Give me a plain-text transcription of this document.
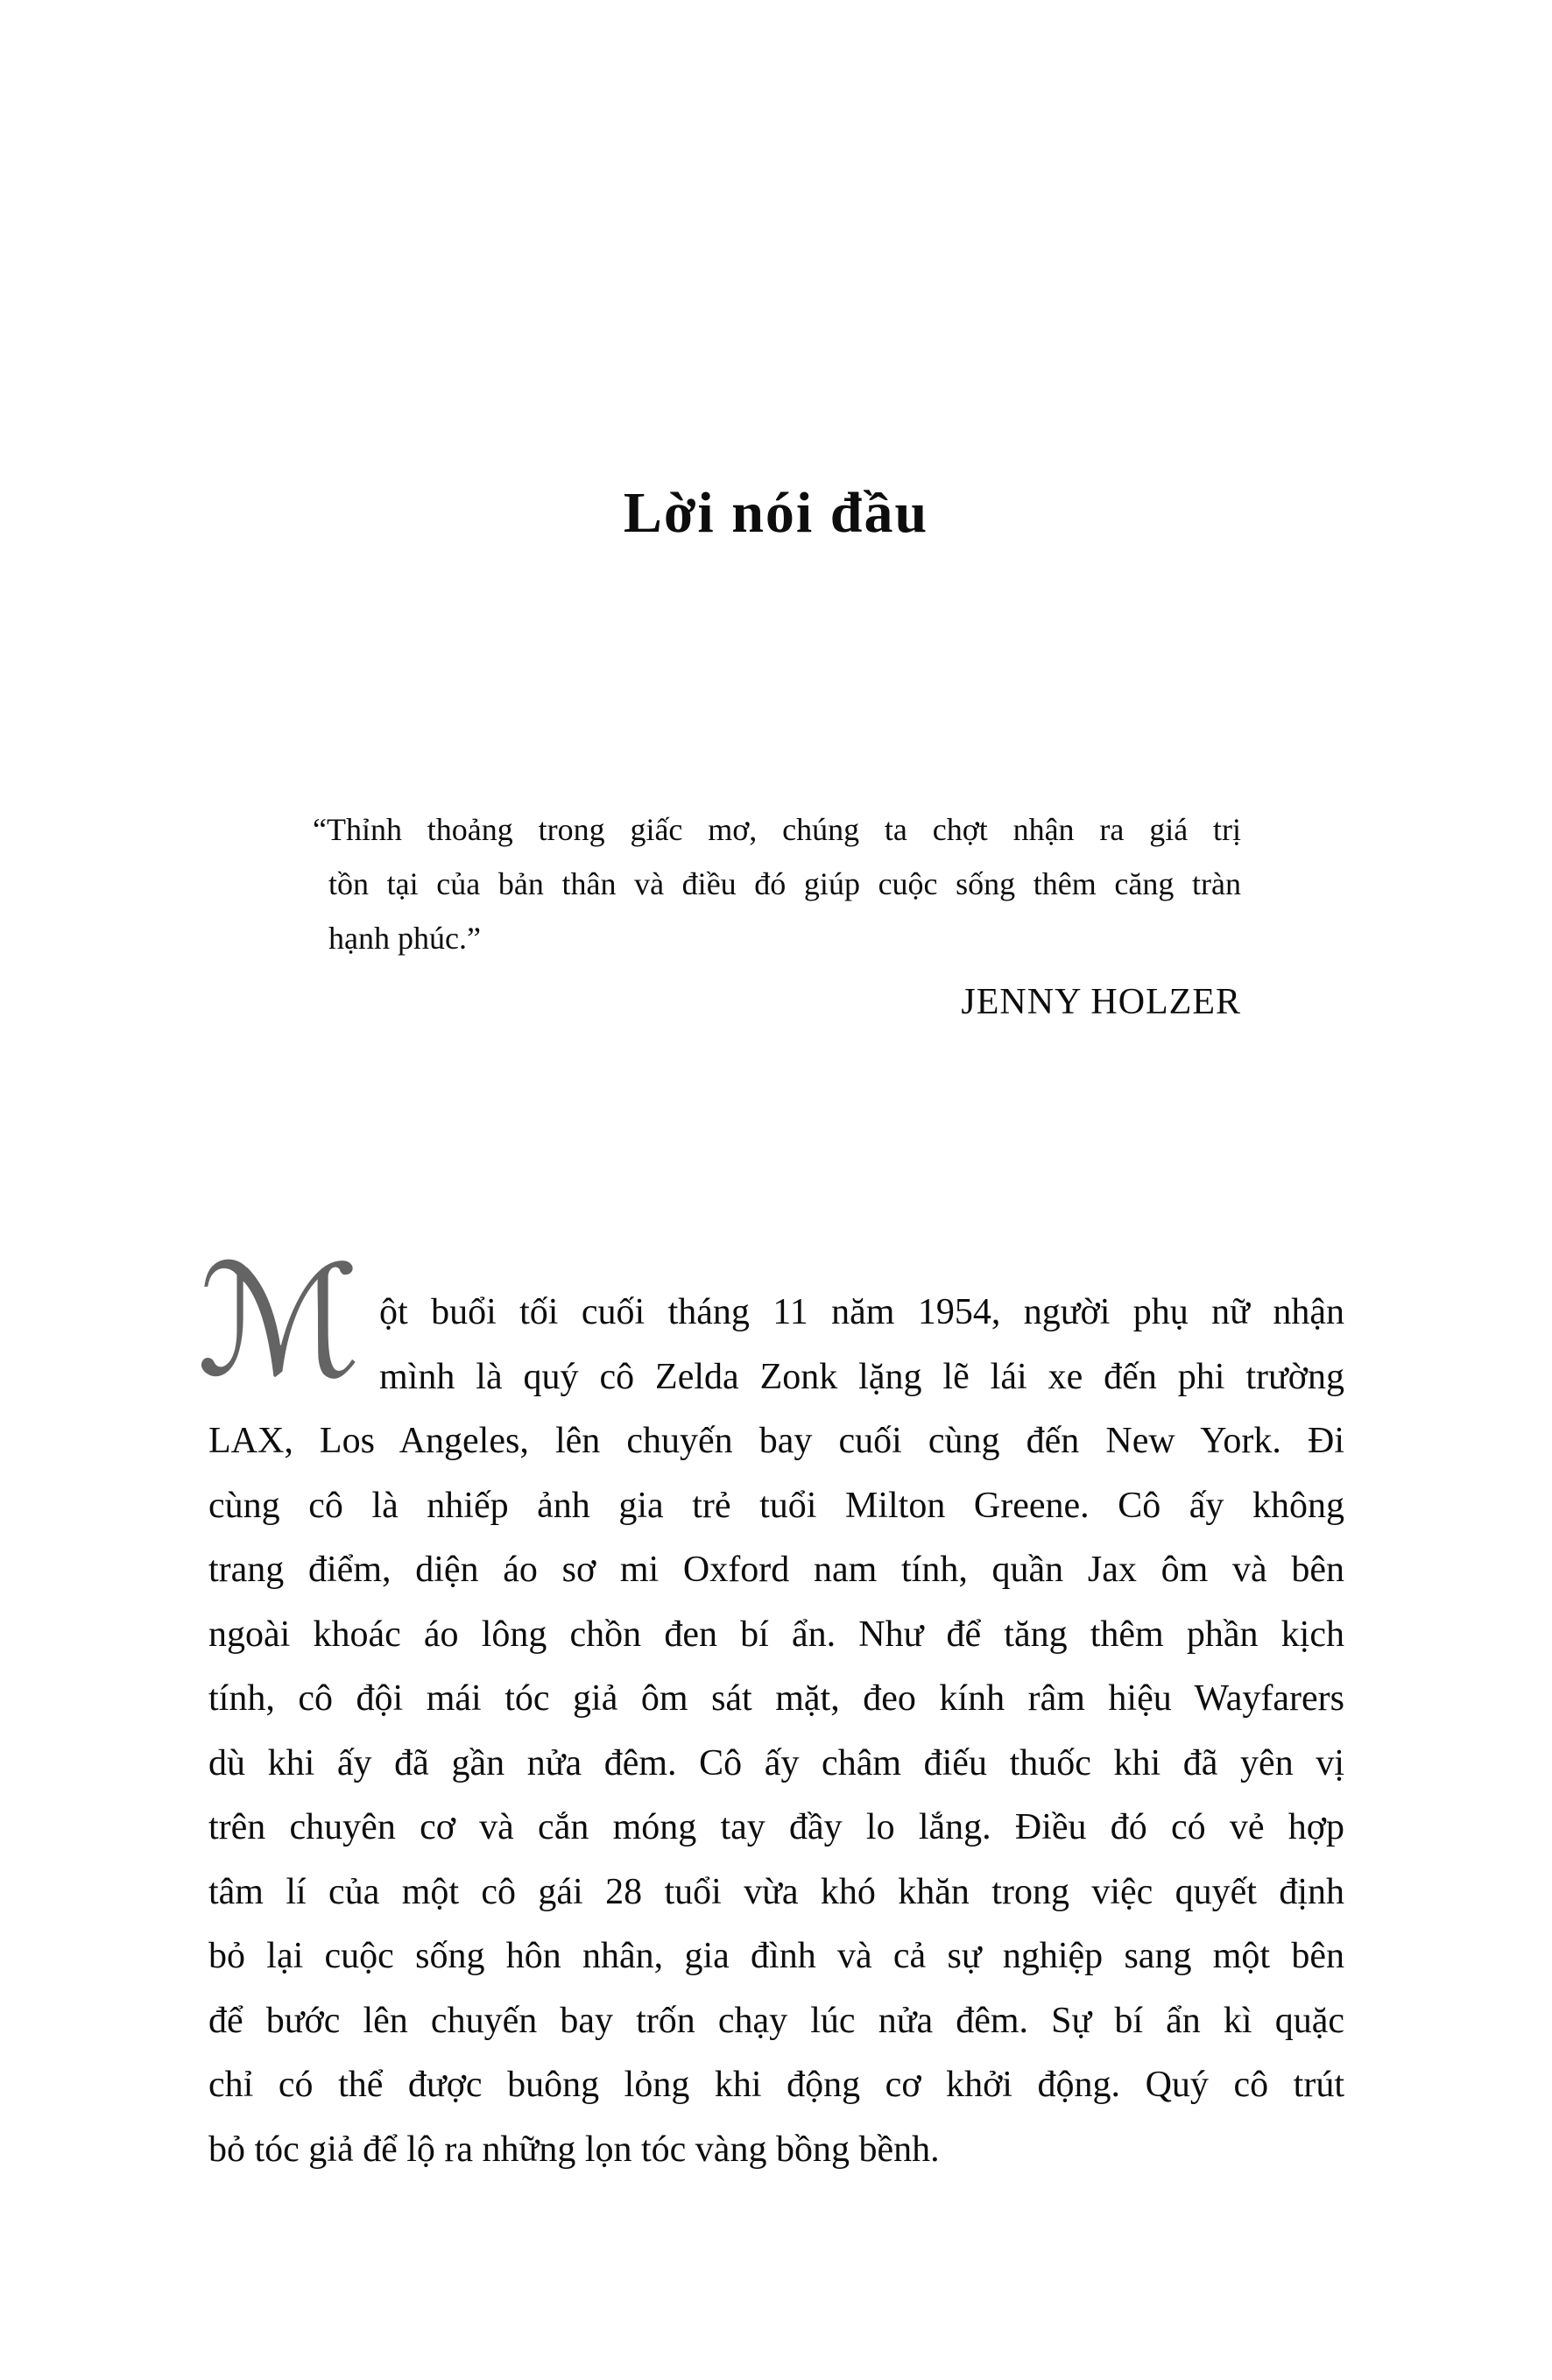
Lời nói đầu
“Thỉnh thoảng trong giấc mơ, chúng ta chợt nhận ra giá trị
tồn tại của bản thân và điều đó giúp cuộc sống thêm căng tràn
hạnh phúc.”
JENNY HOLZER
ℳ ột buổi tối cuối tháng 11 năm 1954, người phụ nữ nhận
mình là quý cô Zelda Zonk lặng lẽ lái xe đến phi trường
LAX, Los Angeles, lên chuyến bay cuối cùng đến New York. Đi
cùng cô là nhiếp ảnh gia trẻ tuổi Milton Greene. Cô ấy không
trang điểm, diện áo sơ mi Oxford nam tính, quần Jax ôm và bên
ngoài khoác áo lông chồn đen bí ẩn. Như để tăng thêm phần kịch
tính, cô đội mái tóc giả ôm sát mặt, đeo kính râm hiệu Wayfarers
dù khi ấy đã gần nửa đêm. Cô ấy châm điếu thuốc khi đã yên vị
trên chuyên cơ và cắn móng tay đầy lo lắng. Điều đó có vẻ hợp
tâm lí của một cô gái 28 tuổi vừa khó khăn trong việc quyết định
bỏ lại cuộc sống hôn nhân, gia đình và cả sự nghiệp sang một bên
để bước lên chuyến bay trốn chạy lúc nửa đêm. Sự bí ẩn kì quặc
chỉ có thể được buông lỏng khi động cơ khởi động. Quý cô trút
bỏ tóc giả để lộ ra những lọn tóc vàng bồng bềnh.
